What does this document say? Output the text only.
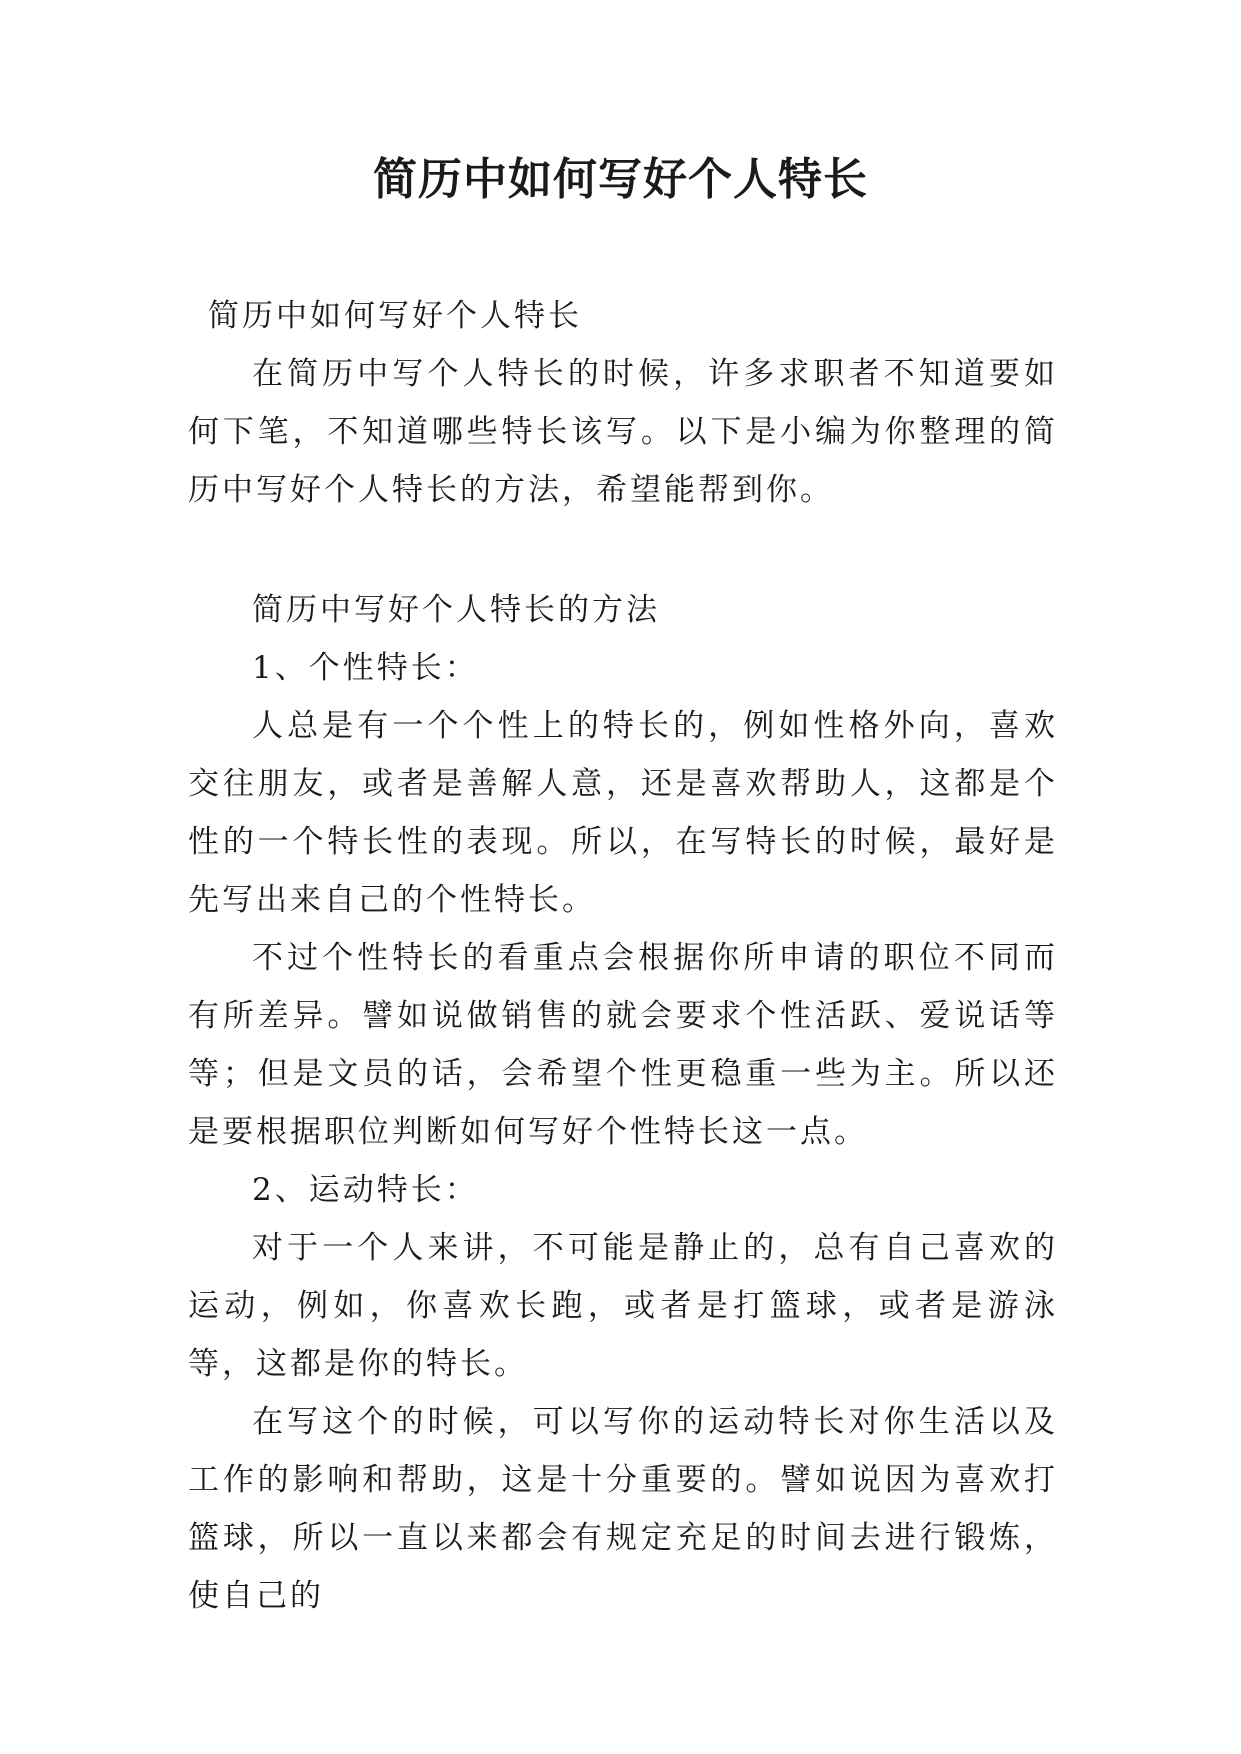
简历中如何写好个人特长

简历中如何写好个人特长

在简历中写个人特长的时候，许多求职者不知道要如何下笔，不知道哪些特长该写。以下是小编为你整理的简历中写好个人特长的方法，希望能帮到你。

简历中写好个人特长的方法

1、个性特长：

人总是有一个个性上的特长的，例如性格外向，喜欢交往朋友，或者是善解人意，还是喜欢帮助人，这都是个性的一个特长性的表现。所以，在写特长的时候，最好是先写出来自己的个性特长。

不过个性特长的看重点会根据你所申请的职位不同而有所差异。譬如说做销售的就会要求个性活跃、爱说话等等；但是文员的话，会希望个性更稳重一些为主。所以还是要根据职位判断如何写好个性特长这一点。

2、运动特长：

对于一个人来讲，不可能是静止的，总有自己喜欢的运动，例如，你喜欢长跑，或者是打篮球，或者是游泳等，这都是你的特长。

在写这个的时候，可以写你的运动特长对你生活以及工作的影响和帮助，这是十分重要的。譬如说因为喜欢打篮球，所以一直以来都会有规定充足的时间去进行锻炼，使自己的
